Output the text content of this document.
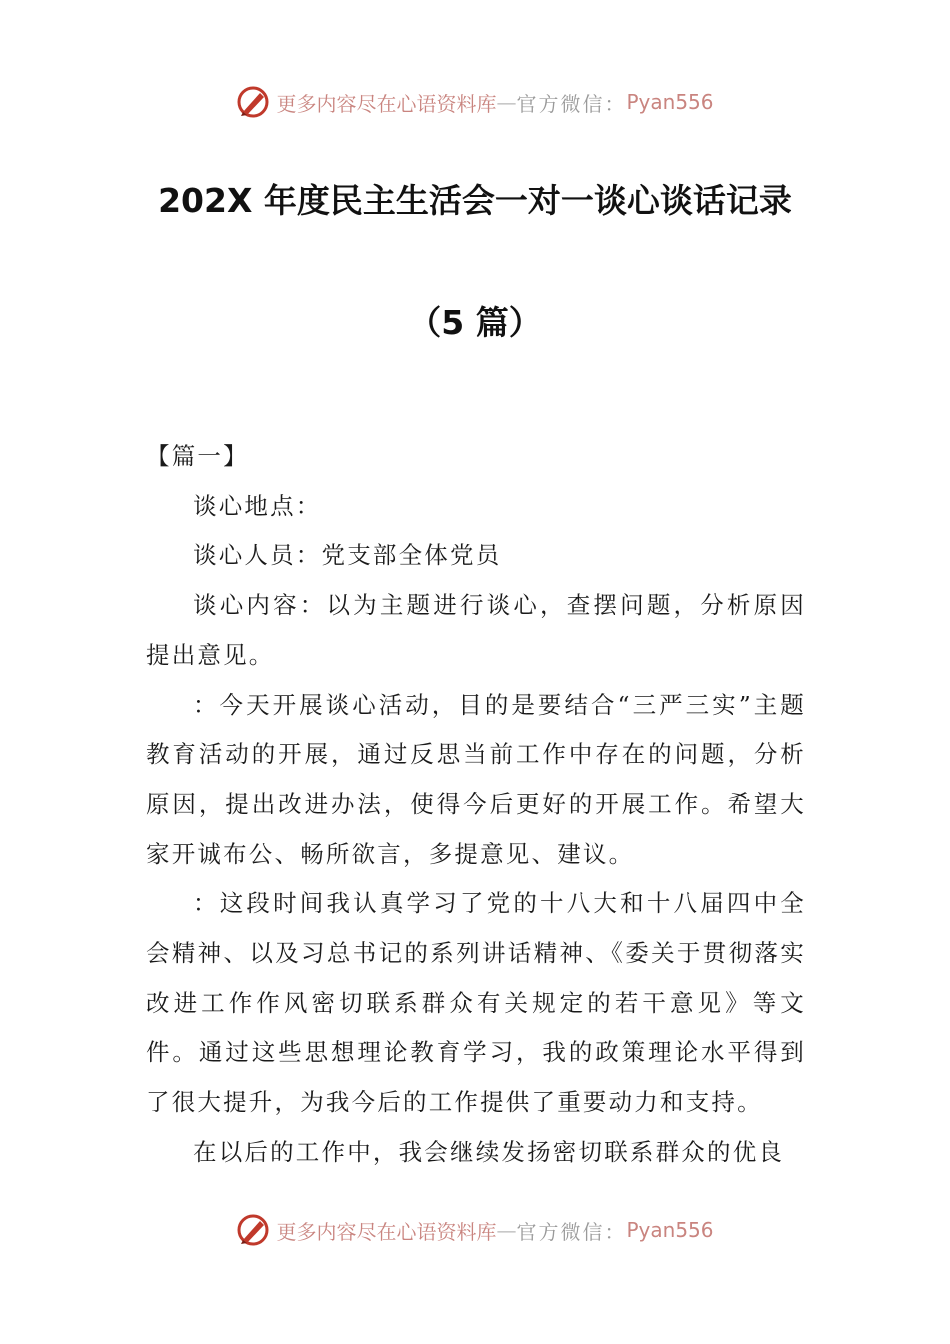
更多内容尽在心语资料库 — 官方微信： Pyan556
202X 年度民主生活会一对一谈心谈话记录
（5 篇）

【篇一】

谈心地点：

谈心人员：党支部全体党员

谈心内容：以为主题进行谈心，查摆问题，分析原因提出意见。

：今天开展谈心活动，目的是要结合“三严三实”主题教育活动的开展，通过反思当前工作中存在的问题，分析原因，提出改进办法，使得今后更好的开展工作。希望大家开诚布公、畅所欲言，多提意见、建议。

：这段时间我认真学习了党的十八大和十八届四中全会精神、以及习总书记的系列讲话精神、《委关于贯彻落实改进工作作风密切联系群众有关规定的若干意见》等文件。通过这些思想理论教育学习，我的政策理论水平得到了很大提升，为我今后的工作提供了重要动力和支持。

在以后的工作中，我会继续发扬密切联系群众的优良

更多内容尽在心语资料库 — 官方微信： Pyan556
